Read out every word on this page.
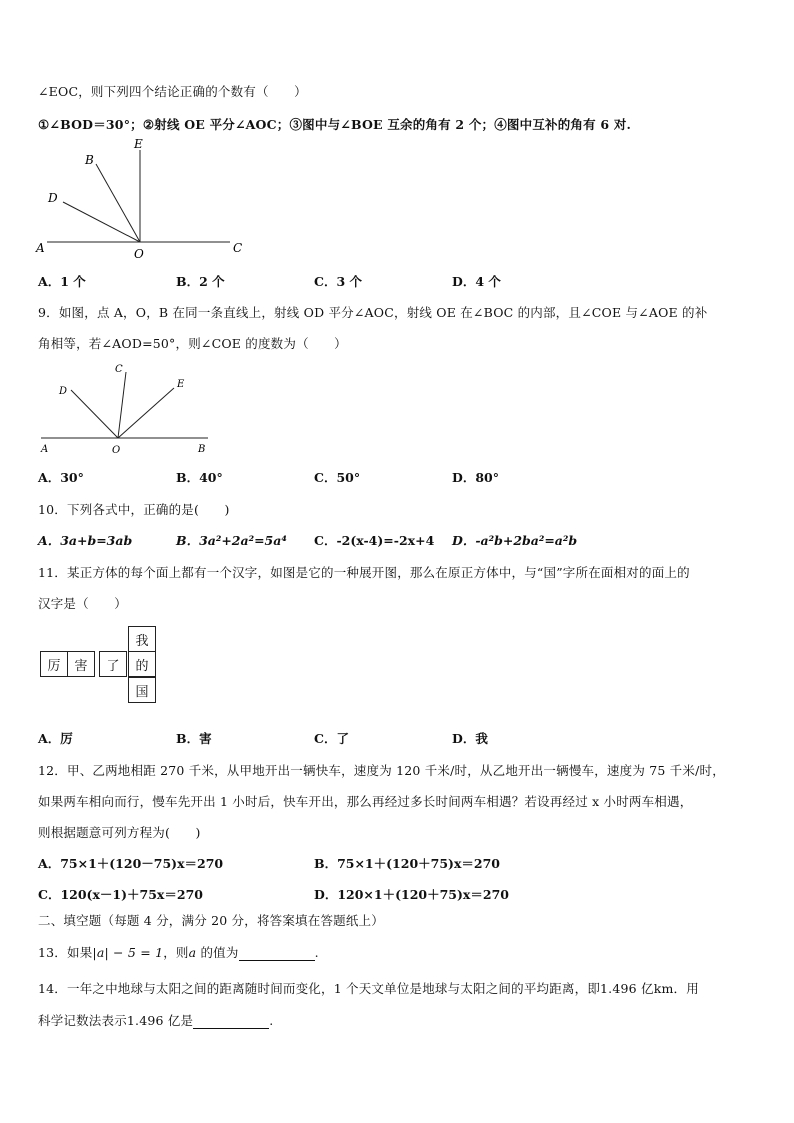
∠EOC，则下列四个结论正确的个数有（　　）
①∠BOD＝30°；②射线 OE 平分∠AOC；③图中与∠BOE 互余的角有 2 个；④图中互补的角有 6 对.
E
B
D
A	O	C
A．1 个	B．2 个	C．3 个	D．4 个
9．如图，点 A，O，B 在同一条直线上，射线 OD 平分∠AOC，射线 OE 在∠BOC 的内部，且∠COE 与∠AOE 的补
角相等，若∠AOD=50°，则∠COE 的度数为（　　）
C
D
E
A	O	B
A．30°	B．40°	C．50°	D．80°
10．下列各式中，正确的是(　　)
A．3a+b=3ab	B．3a²+2a²=5a⁴ C．-2(x-4)=-2x+4 D．-a²b+2ba²=a²b
11．某正方体的每个面上都有一个汉字，如图是它的一种展开图，那么在原正方体中，与“国”字所在面相对的面上的
汉字是（　　）
我
厉	害	了	的
国
A．厉	B．害	C．了	D．我
12．甲、乙两地相距 270 千米，从甲地开出一辆快车，速度为 120 千米/时，从乙地开出一辆慢车，速度为 75 千米/时，
如果两车相向而行，慢车先开出 1 小时后，快车开出，那么再经过多长时间两车相遇？若设再经过 x 小时两车相遇，
则根据题意可列方程为(　　)
A．75×1＋(120－75)x＝270	B．75×1＋(120＋75)x＝270
C．120(x－1)＋75x＝270	D．120×1＋(120＋75)x＝270
二、填空题（每题 4 分，满分 20 分，将答案填在答题纸上）
13．如果|a| − 5 = 1，则a 的值为	.
14．一年之中地球与太阳之间的距离随时间而变化，1 个天文单位是地球与太阳之间的平均距离，即1.496 亿km．用
科学记数法表示1.496 亿是	.
